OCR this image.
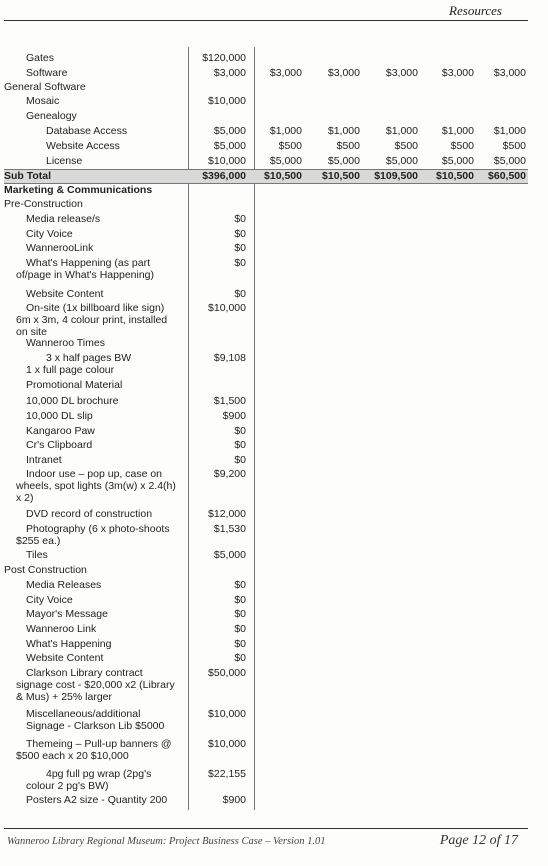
Resources
Gates	$120,000
Software	$3,000	$3,000	$3,000	$3,000	$3,000	$3,000
General Software
Mosaic	$10,000
Genealogy
Database Access	$5,000	$1,000	$1,000	$1,000	$1,000	$1,000
Website Access	$5,000	$500	$500	$500	$500	$500
License	$10,000	$5,000	$5,000	$5,000	$5,000	$5,000
Sub Total	$396,000	$10,500	$10,500	$109,500	$10,500	$60,500
Marketing & Communications
Pre-Construction
Media release/s	$0
City Voice	$0
WannerooLink	$0
What's Happening (as part	$0
of/page in What's Happening)
Website Content	$0
On-site (1x billboard like sign)	$10,000
6m x 3m, 4 colour print, installed
on site
Wanneroo Times
3 x half pages BW	$9,108
1 x full page colour
Promotional Material
10,000 DL brochure	$1,500
10,000 DL slip	$900
Kangaroo Paw	$0
Cr's Clipboard	$0
Intranet	$0
Indoor use – pop up, case on	$9,200
wheels, spot lights (3m(w) x 2.4(h)
x 2)
DVD record of construction	$12,000
Photography (6 x photo-shoots	$1,530
$255 ea.)
Tiles	$5,000
Post Construction
Media Releases	$0
City Voice	$0
Mayor's Message	$0
Wanneroo Link	$0
What's Happening	$0
Website Content	$0
Clarkson Library contract	$50,000
signage cost - $20,000 x2 (Library
& Mus) + 25% larger
Miscellaneous/additional	$10,000
Signage - Clarkson Lib $5000
Themeing – Pull-up banners @	$10,000
$500 each x 20 $10,000
4pg full pg wrap (2pg's	$22,155
colour 2 pg's BW)
Posters A2 size - Quantity 200	$900
Wanneroo Library Regional Museum: Project Business Case – Version 1.01	Page 12 of 17
